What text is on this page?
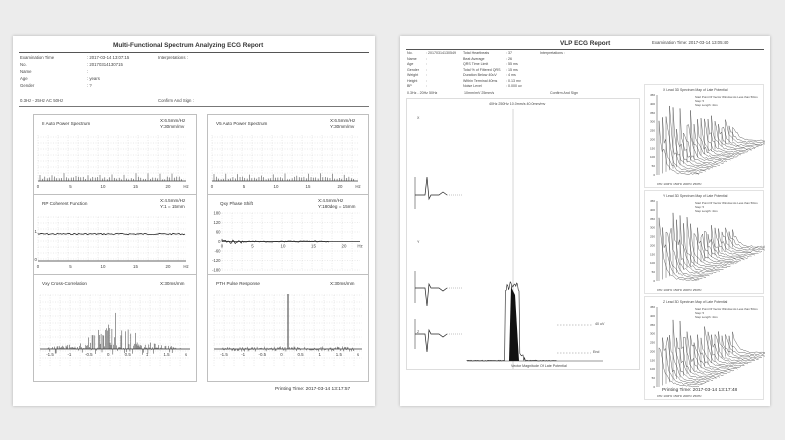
Multi-Functional Spectrum Analyzing ECG Report
Examination Time	: 2017-03-14 13:07:15
No.	: 20170314130715
Name	:
Age	: years
Gender	: ?
Interpretations :
0.3Hz - 25Hz AC 50Hz	Confirm And Sign :
II Auto Power Spectrum
X:6.5mm/Hz
Y:30mm/mv
0	5	10	15	20	Hz
V5 Auto Power Spectrum
X:6.5mm/Hz
Y:30mm/mv
0	5	10	15	20	Hz
RP Coherent Function
X:4.5mm/Hz
Y:1 = 15mm
1
0
0	5	10	15	20	Hz
Qxy Phase Shift
X:4.5mm/Hz
Y:180deg = 15mm
180
120
60
0
-60
-120
-180
0	5	10	15	20 Hz
Vxy Cross-Correlation	X:30ms/mm
-1.5	-1	-0.5	0	0.5	1	1.5	s
PTH Pulse Response	X:30ms/mm
-1.5	-1	-0.5	0	0.5	1	1.5	s
Printing Time: 2017-03-14 13:17:57
VLP ECG Report	Examination Time: 2017-03-14 13:05:40
No.	: 20170314130549
Name	:
Age	:
Gender :
Weight :
Height :
BP	:
Total Heartbeats	: 37
Beat Average	: 26
QRS Time Limit	: 55 ms
Total % of Filtered QRS : 15 ms
Duration Below 40uV	: 4 ms
Within Terminal 40ms : 0.13 mv
Noise Level	: 0.000 uv
Interpretations :
0.3Hz - 20Hz 50Hz	10mm/mV 25mm/s	Confirm And Sign
40Hz 250Hz 10.0mm/s 40.0mm/mv
X
Y
Z
40 uV
End
Vector Magnitude Of Late Potential
X Lead 3D Spectrum Map of Late Potential
Start Point Of Vector Window As Less than 50ms
Step: 5
Step Length: 4ms
450
400
350
300
250
200
150
100
50
0
0Hz 100Hz 150Hz 200Hz 250Hz
Y Lead 3D Spectrum Map of Late Potential
Start Point Of Vector Window As Less than 50ms
Step: 5
Step Length: 4ms
450
400
350
300
250
200
150
100
50
0
0Hz 100Hz 150Hz 200Hz 250Hz
Z Lead 3D Spectrum Map of Late Potential
Start Point Of Vector Window As Less than 50ms
Step: 5
Step Length: 4ms
450
400
350
300
250
200
150
100
50
0
0Hz 100Hz 150Hz 200Hz 250Hz
Printing Time: 2017-03-14 13:17:48
